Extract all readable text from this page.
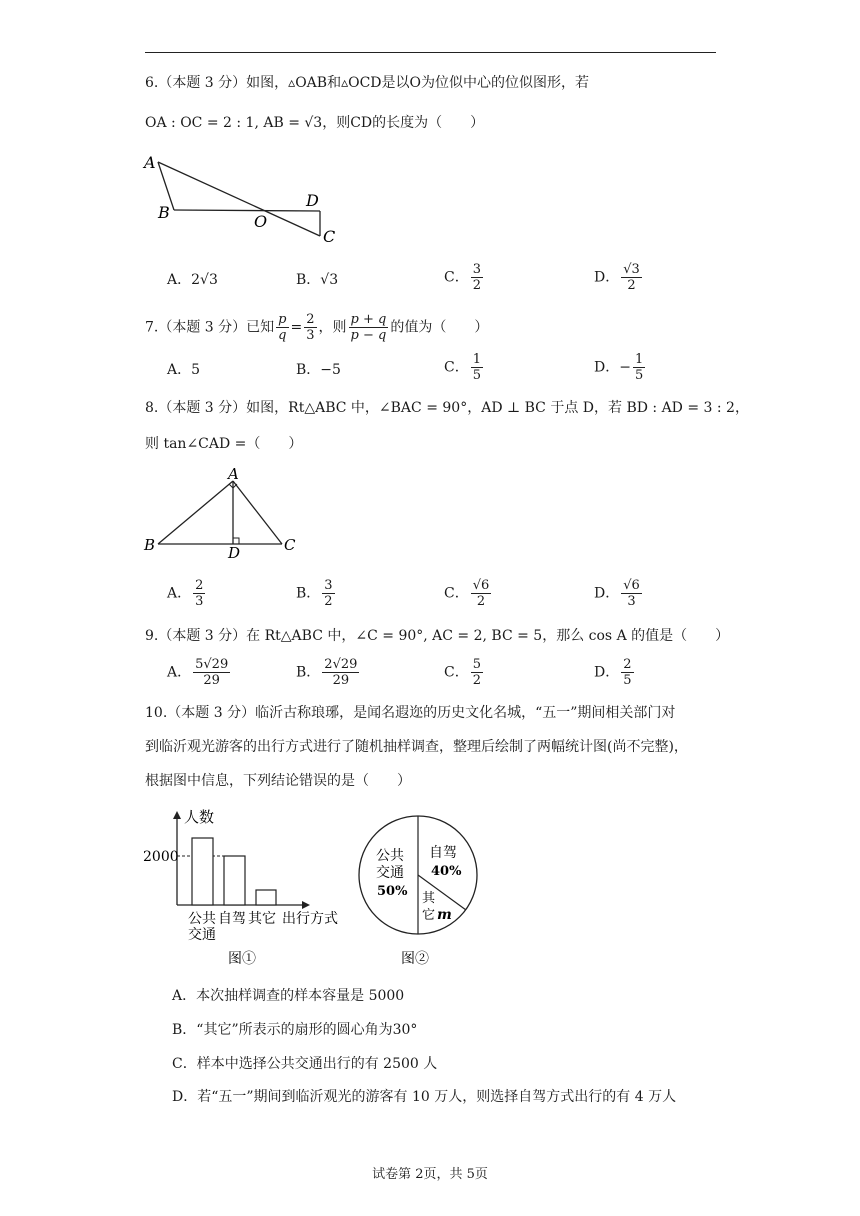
6.（本题 3 分）如图，▵OAB和▵OCD是以O为位似中心的位似图形，若
OA : OC = 2 : 1, AB = √3，则CD的长度为（　　）
A
B	O
D
C
A．2√3	B．√3	C． $\frac{3}{2}$	D． $\frac{√3}{2}$
7.（本题 3 分）已知 $\frac{p}{q} = \frac{2}{3}$ ，则 $\frac{p + q}{p - q}$ 的值为（　　）
A．5	B．−5	C． $\frac{1}{5}$	D．− $\frac{1}{5}$
8.（本题 3 分）如图，Rt△ABC 中，∠BAC = 90°，AD ⊥ BC 于点 D，若 BD : AD = 3 : 2，
则 tan∠CAD =（　　）
A
B	D	C
A． $\frac{2}{3}$	B． $\frac{3}{2}$	C． $\frac{√6}{2}$	D． $\frac{√6}{3}$
9.（本题 3 分）在 Rt△ABC 中，∠C = 90°, AC = 2, BC = 5，那么 cos A 的值是（　　）
A． $\frac{5√29}{29}$	B． $\frac{2√29}{29}$	C． $\frac{5}{2}$	D． $\frac{2}{5}$
10.（本题 3 分）临沂古称琅琊，是闻名遐迩的历史文化名城，“五一”期间相关部门对
到临沂观光游客的出行方式进行了随机抽样调查，整理后绘制了两幅统计图(尚不完整)，
根据图中信息，下列结论错误的是（　　）
人数
2000
公共
交通
自驾 其它 出行方式
图①
公共
交通
50%
自驾
40%
其
它 m
图②
A．本次抽样调查的样本容量是 5000
B．“其它”所表示的扇形的圆心角为30°
C．样本中选择公共交通出行的有 2500 人
D．若“五一”期间到临沂观光的游客有 10 万人，则选择自驾方式出行的有 4 万人
试卷第 2页，共 5页
